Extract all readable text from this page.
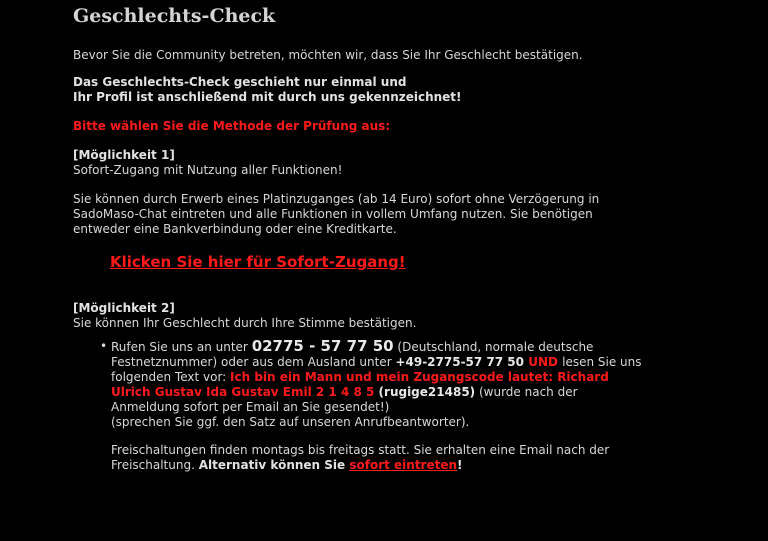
Geschlechts-Check

Bevor Sie die Community betreten, möchten wir, dass Sie Ihr Geschlecht bestätigen.

Das Geschlechts-Check geschieht nur einmal und
Ihr Profil ist anschließend mit durch uns gekennzeichnet!

Bitte wählen Sie die Methode der Prüfung aus:

[Möglichkeit 1]
Sofort-Zugang mit Nutzung aller Funktionen!

Sie können durch Erwerb eines Platinzuganges (ab 14 Euro) sofort ohne Verzögerung in SadoMaso-Chat eintreten und alle Funktionen in vollem Umfang nutzen. Sie benötigen entweder eine Bankverbindung oder eine Kreditkarte.

Klicken Sie hier für Sofort-Zugang!
[Möglichkeit 2]
Sie können Ihr Geschlecht durch Ihre Stimme bestätigen.
• Rufen Sie uns an unter 02775 - 57 77 50 (Deutschland, normale deutsche Festnetznummer) oder aus dem Ausland unter +49-2775-57 77 50 UND lesen Sie uns folgenden Text vor: Ich bin ein Mann und mein Zugangscode lautet: Richard Ulrich Gustav Ida Gustav Emil 2 1 4 8 5 (rugige21485) (wurde nach der Anmeldung sofort per Email an Sie gesendet!)
(sprechen Sie ggf. den Satz auf unseren Anrufbeantworter).

Freischaltungen finden montags bis freitags statt. Sie erhalten eine Email nach der Freischaltung. Alternativ können Sie sofort eintreten!
